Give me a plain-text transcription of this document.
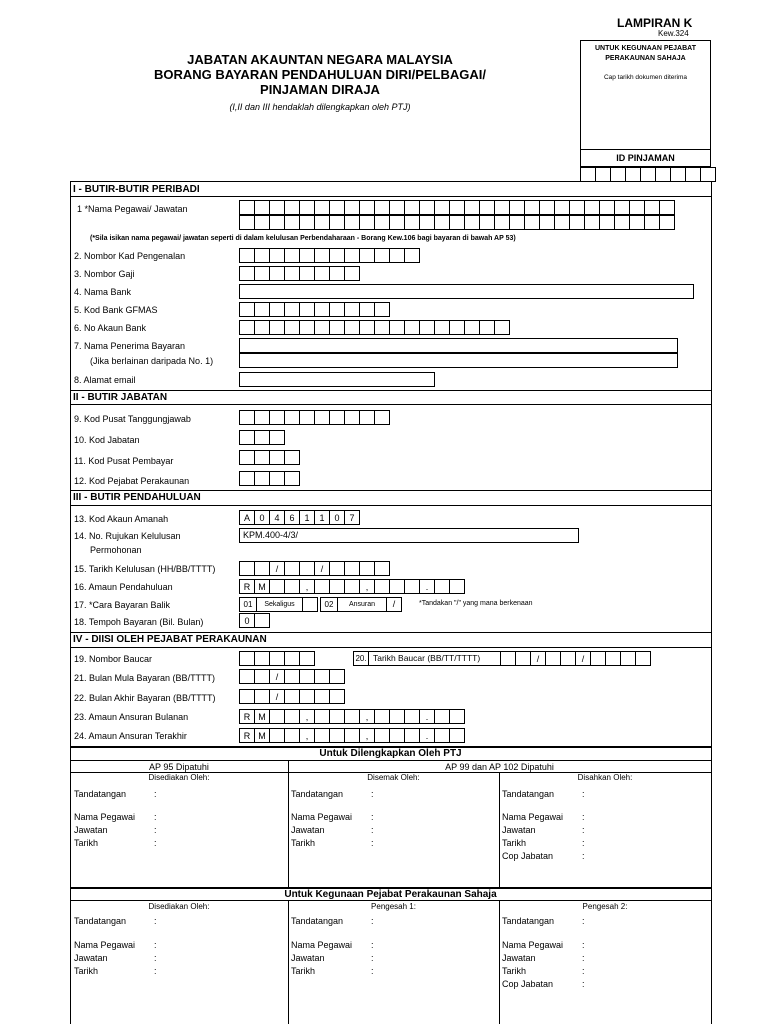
LAMPIRAN K
Kew.324
JABATAN AKAUNTAN NEGARA MALAYSIA
BORANG BAYARAN PENDAHULUAN DIRI/PELBAGAI/
PINJAMAN DIRAJA
(I,II dan III hendaklah dilengkapkan oleh PTJ)
UNTUK KEGUNAAN PEJABAT
PERAKAUNAN SAHAJA
Cap tarikh dokumen diterima
ID PINJAMAN
I - BUTIR-BUTIR PERIBADI
1 *Nama Pegawai/ Jawatan
(*Sila isikan nama pegawai/ jawatan seperti di dalam kelulusan Perbendaharaan - Borang Kew.106 bagi bayaran di bawah AP 53)
2. Nombor Kad Pengenalan
3. Nombor Gaji
4. Nama Bank
5. Kod Bank GFMAS
6. No Akaun Bank
7. Nama Penerima Bayaran
(Jika berlainan daripada No. 1)
8. Alamat email
II - BUTIR JABATAN
9. Kod Pusat Tanggungjawab
10. Kod Jabatan
11. Kod Pusat Pembayar
12. Kod Pejabat Perakaunan
III - BUTIR PENDAHULUAN
13. Kod Akaun Amanah	A	0	4	6	1	1	0	7
14. No. Rujukan Kelulusan
Permohonan
KPM.400-4/3/
15. Tarikh Kelulusan (HH/BB/TTTT)	/	/
16. Amaun Pendahuluan	R M	,	,	.
17. *Cara Bayaran Balik	01	Sekaligus	02	Ansuran	/	*Tandakan "/" yang mana berkenaan
18. Tempoh Bayaran (Bil. Bulan)	0
IV - DIISI OLEH PEJABAT PERAKAUNAN
19. Nombor Baucar	20. Tarikh Baucar (BB/TT/TTTT)	/	/
21. Bulan Mula Bayaran (BB/TTTT)	/
22. Bulan Akhir Bayaran (BB/TTTT)	/
23. Amaun Ansuran Bulanan	R M	,	,	.
24. Amaun Ansuran Terakhir	R M	,	,	.
Untuk Dilengkapkan Oleh PTJ
AP 95 Dipatuhi	AP 99 dan AP 102 Dipatuhi
Disediakan Oleh:	Disemak Oleh:	Disahkan Oleh:
Tandatangan	:
Nama Pegawai :
Jawatan	:
Tarikh	:
Tandatangan	:
Nama Pegawai :
Jawatan	:
Tarikh	:
Tandatangan	:
Nama Pegawai :
Jawatan	:
Tarikh	:
Cop Jabatan	:
Untuk Kegunaan Pejabat Perakaunan Sahaja
Disediakan Oleh:	Pengesah 1:	Pengesah 2:
Tandatangan	:
Nama Pegawai :
Jawatan	:
Tarikh	:
Tandatangan	:
Nama Pegawai :
Jawatan	:
Tarikh	:
Tandatangan	:
Nama Pegawai :
Jawatan	:
Tarikh	:
Cop Jabatan	:
